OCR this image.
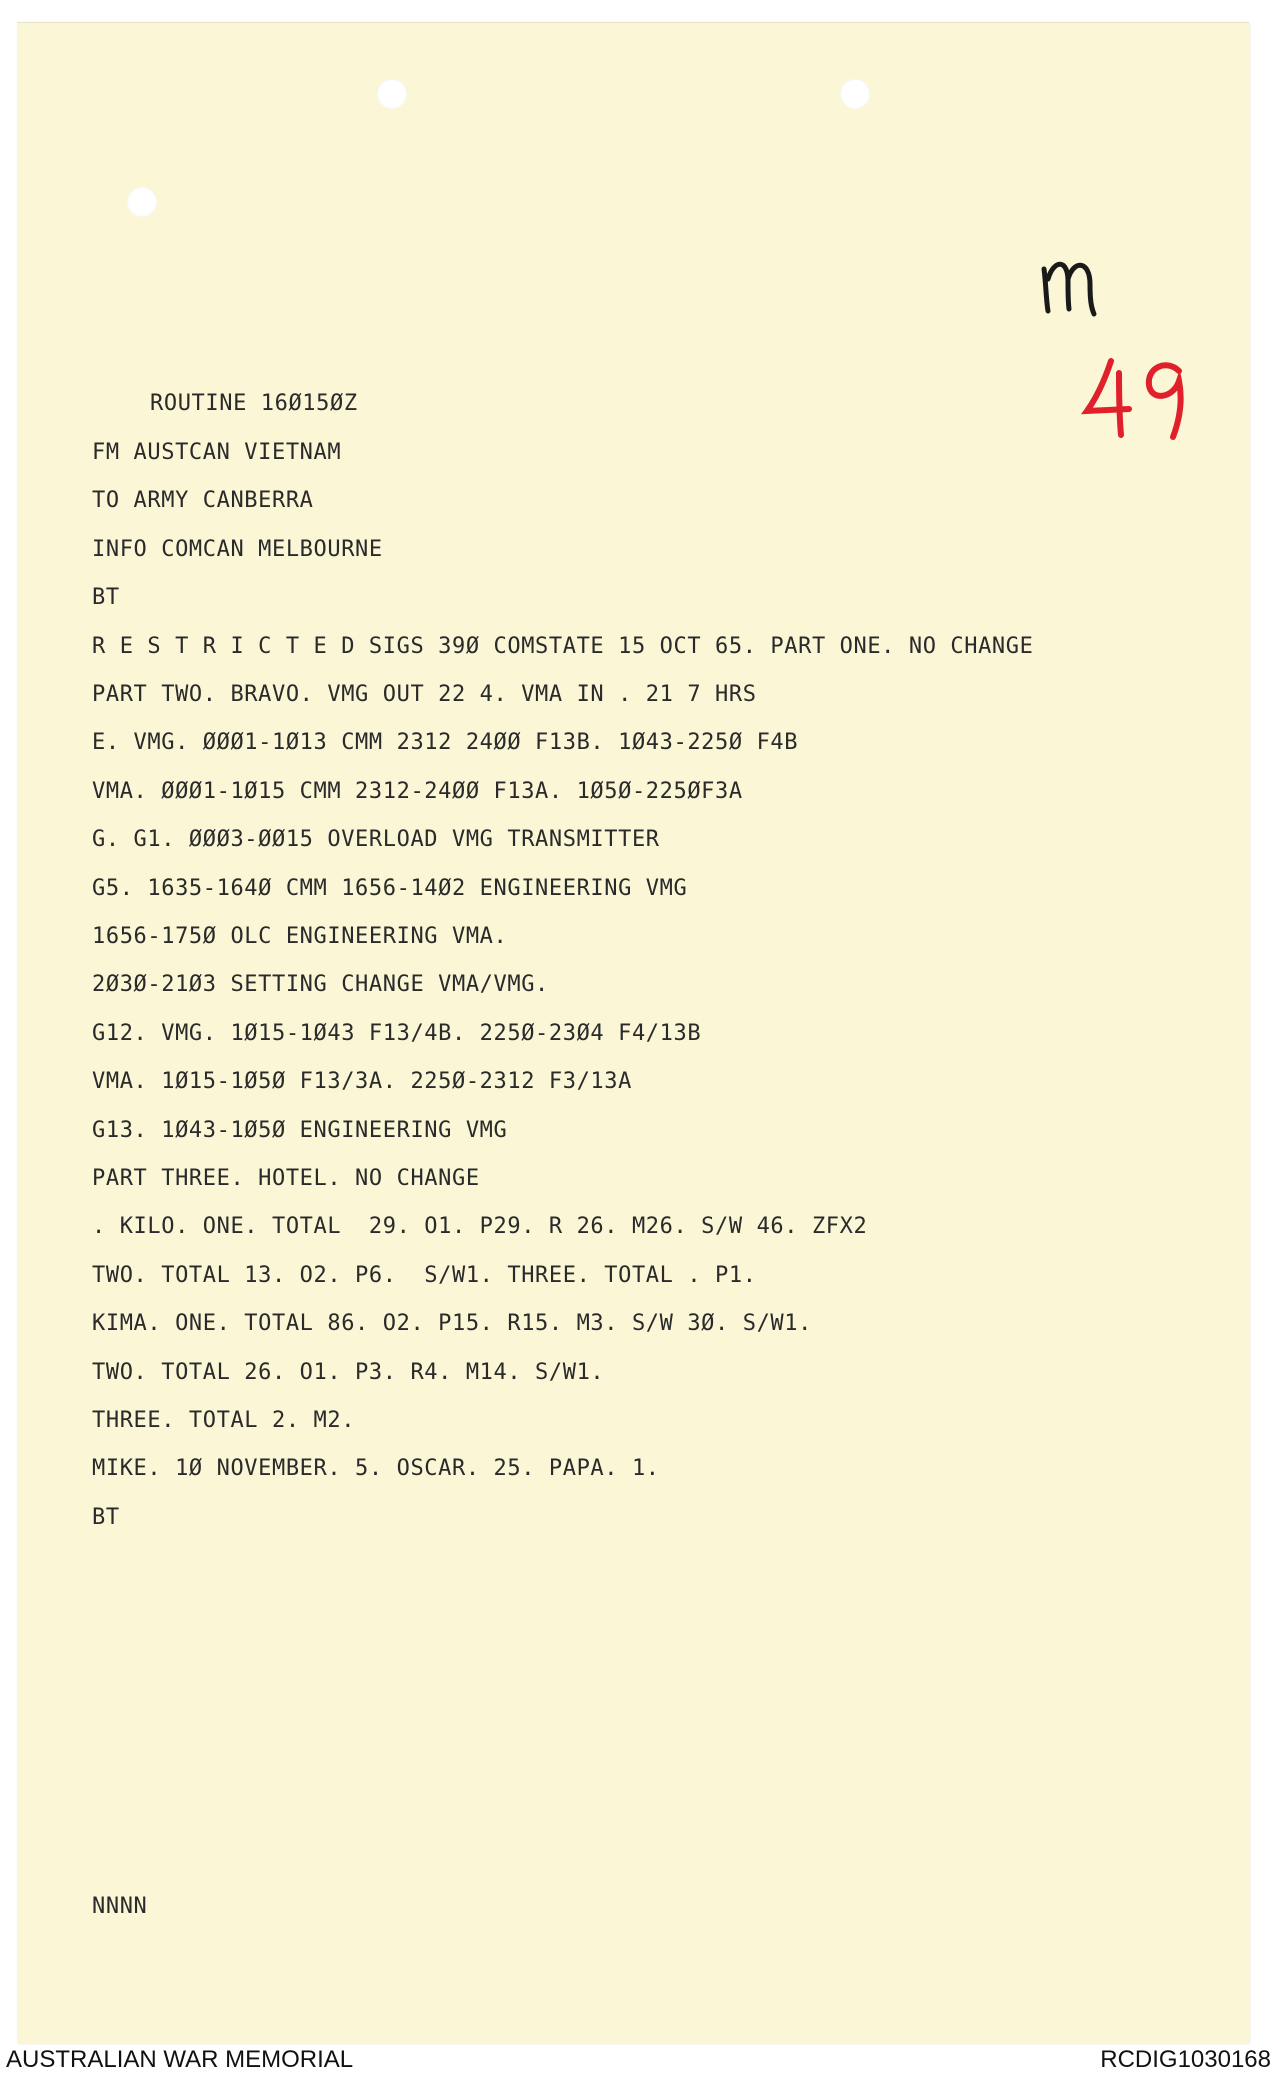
ROUTINE 16Ø15ØZ

FM AUSTCAN VIETNAM

TO ARMY CANBERRA

INFO COMCAN MELBOURNE

BT

R E S T R I C T E D SIGS 39Ø COMSTATE 15 OCT 65. PART ONE. NO CHANGE

PART TWO. BRAVO. VMG OUT 22 4. VMA IN . 21 7 HRS

E. VMG. ØØØ1-1Ø13 CMM 2312 24ØØ F13B. 1Ø43-225Ø F4B

VMA. ØØØ1-1Ø15 CMM 2312-24ØØ F13A. 1Ø5Ø-225ØF3A

G. G1. ØØØ3-ØØ15 OVERLOAD VMG TRANSMITTER

G5. 1635-164Ø CMM 1656-14Ø2 ENGINEERING VMG

1656-175Ø OLC ENGINEERING VMA.

2Ø3Ø-21Ø3 SETTING CHANGE VMA/VMG.

G12. VMG. 1Ø15-1Ø43 F13/4B. 225Ø-23Ø4 F4/13B

VMA. 1Ø15-1Ø5Ø F13/3A. 225Ø-2312 F3/13A

G13. 1Ø43-1Ø5Ø ENGINEERING VMG

PART THREE. HOTEL. NO CHANGE

. KILO. ONE. TOTAL  29. O1. P29. R 26. M26. S/W 46. ZFX2

TWO. TOTAL 13. O2. P6.  S/W1. THREE. TOTAL . P1.

KIMA. ONE. TOTAL 86. O2. P15. R15. M3. S/W 3Ø. S/W1.

TWO. TOTAL 26. O1. P3. R4. M14. S/W1.

THREE. TOTAL 2. M2.

MIKE. 1Ø NOVEMBER. 5. OSCAR. 25. PAPA. 1.

BT

NNNN

AUSTRALIAN WAR MEMORIAL	RCDIG1030168
